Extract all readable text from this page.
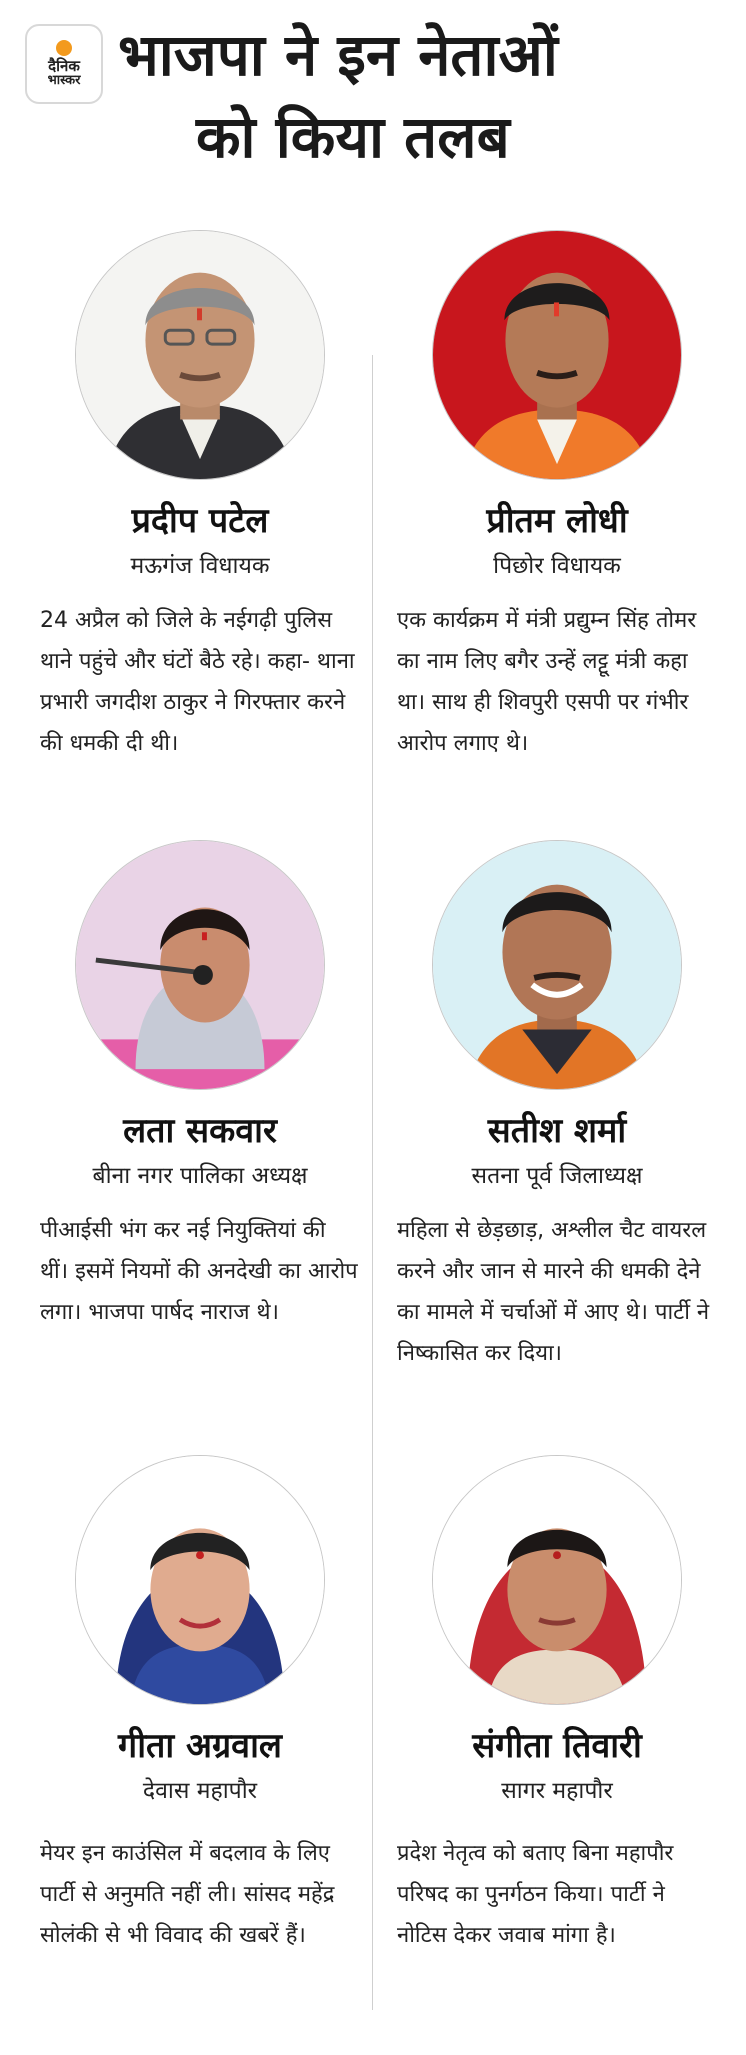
दैनिक
भास्कर भाजपा ने इन नेताओं
को किया तलब
प्रदीप पटेल
मऊगंज विधायक
24 अप्रैल को जिले के नईगढ़ी पुलिस थाने पहुंचे और घंटों बैठे रहे। कहा- थाना प्रभारी जगदीश ठाकुर ने गिरफ्तार करने की धमकी दी थी।
प्रीतम लोधी
पिछोर विधायक
एक कार्यक्रम में मंत्री प्रद्युम्न सिंह तोमर का नाम लिए बगैर उन्हें लट्टू मंत्री कहा था। साथ ही शिवपुरी एसपी पर गंभीर आरोप लगाए थे।
लता सकवार
बीना नगर पालिका अध्यक्ष
पीआईसी भंग कर नई नियुक्तियां की थीं। इसमें नियमों की अनदेखी का आरोप लगा। भाजपा पार्षद नाराज थे।
सतीश शर्मा
सतना पूर्व जिलाध्यक्ष
महिला से छेड़छाड़, अश्लील चैट वायरल करने और जान से मारने की धमकी देने का मामले में चर्चाओं में आए थे। पार्टी ने निष्कासित कर दिया।
गीता अग्रवाल
देवास महापौर
मेयर इन काउंसिल में बदलाव के लिए पार्टी से अनुमति नहीं ली। सांसद महेंद्र सोलंकी से भी विवाद की खबरें हैं।
संगीता तिवारी
सागर महापौर
प्रदेश नेतृत्व को बताए बिना महापौर परिषद का पुनर्गठन किया। पार्टी ने नोटिस देकर जवाब मांगा है।
